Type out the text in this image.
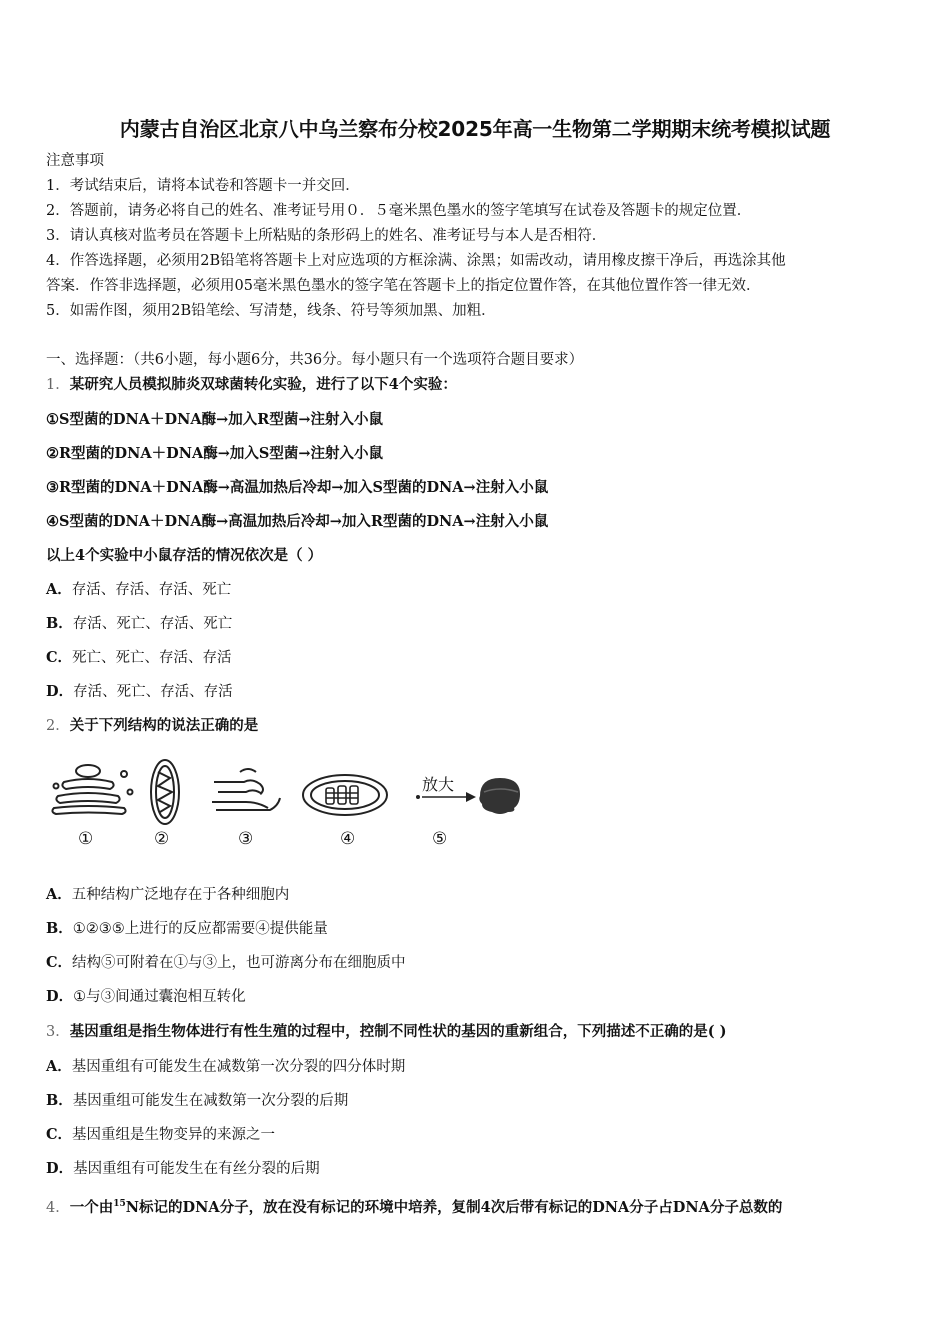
内蒙古自治区北京八中乌兰察布分校2025年高一生物第二学期期末统考模拟试题
注意事项
1．考试结束后，请将本试卷和答题卡一并交回．
2．答题前，请务必将自己的姓名、准考证号用０．５毫米黑色墨水的签字笔填写在试卷及答题卡的规定位置．
3．请认真核对监考员在答题卡上所粘贴的条形码上的姓名、准考证号与本人是否相符．
4．作答选择题，必须用2B铅笔将答题卡上对应选项的方框涂满、涂黑；如需改动，请用橡皮擦干净后，再选涂其他
答案．作答非选择题，必须用05毫米黑色墨水的签字笔在答题卡上的指定位置作答，在其他位置作答一律无效．
5．如需作图，须用2B铅笔绘、写清楚，线条、符号等须加黑、加粗．
一、选择题：（共6小题，每小题6分，共36分。每小题只有一个选项符合题目要求）
1．某研究人员模拟肺炎双球菌转化实验，进行了以下4个实验：
①S型菌的DNA＋DNA酶→加入R型菌→注射入小鼠
②R型菌的DNA＋DNA酶→加入S型菌→注射入小鼠
③R型菌的DNA＋DNA酶→高温加热后冷却→加入S型菌的DNA→注射入小鼠
④S型菌的DNA＋DNA酶→高温加热后冷却→加入R型菌的DNA→注射入小鼠
以上4个实验中小鼠存活的情况依次是（ ）
A．存活、存活、存活、死亡
B．存活、死亡、存活、死亡
C．死亡、死亡、存活、存活
D．存活、死亡、存活、存活
2．关于下列结构的说法正确的是
放大
①	②	③	④	⑤
A．五种结构广泛地存在于各种细胞内
B．①②③⑤上进行的反应都需要④提供能量
C．结构⑤可附着在①与③上，也可游离分布在细胞质中
D．①与③间通过囊泡相互转化
3．基因重组是指生物体进行有性生殖的过程中，控制不同性状的基因的重新组合，下列描述不正确的是( )
A．基因重组有可能发生在减数第一次分裂的四分体时期
B．基因重组可能发生在减数第一次分裂的后期
C．基因重组是生物变异的来源之一
D．基因重组有可能发生在有丝分裂的后期
4．一个由$^{15}$N标记的DNA分子，放在没有标记的环境中培养，复制4次后带有标记的DNA分子占DNA分子总数的
